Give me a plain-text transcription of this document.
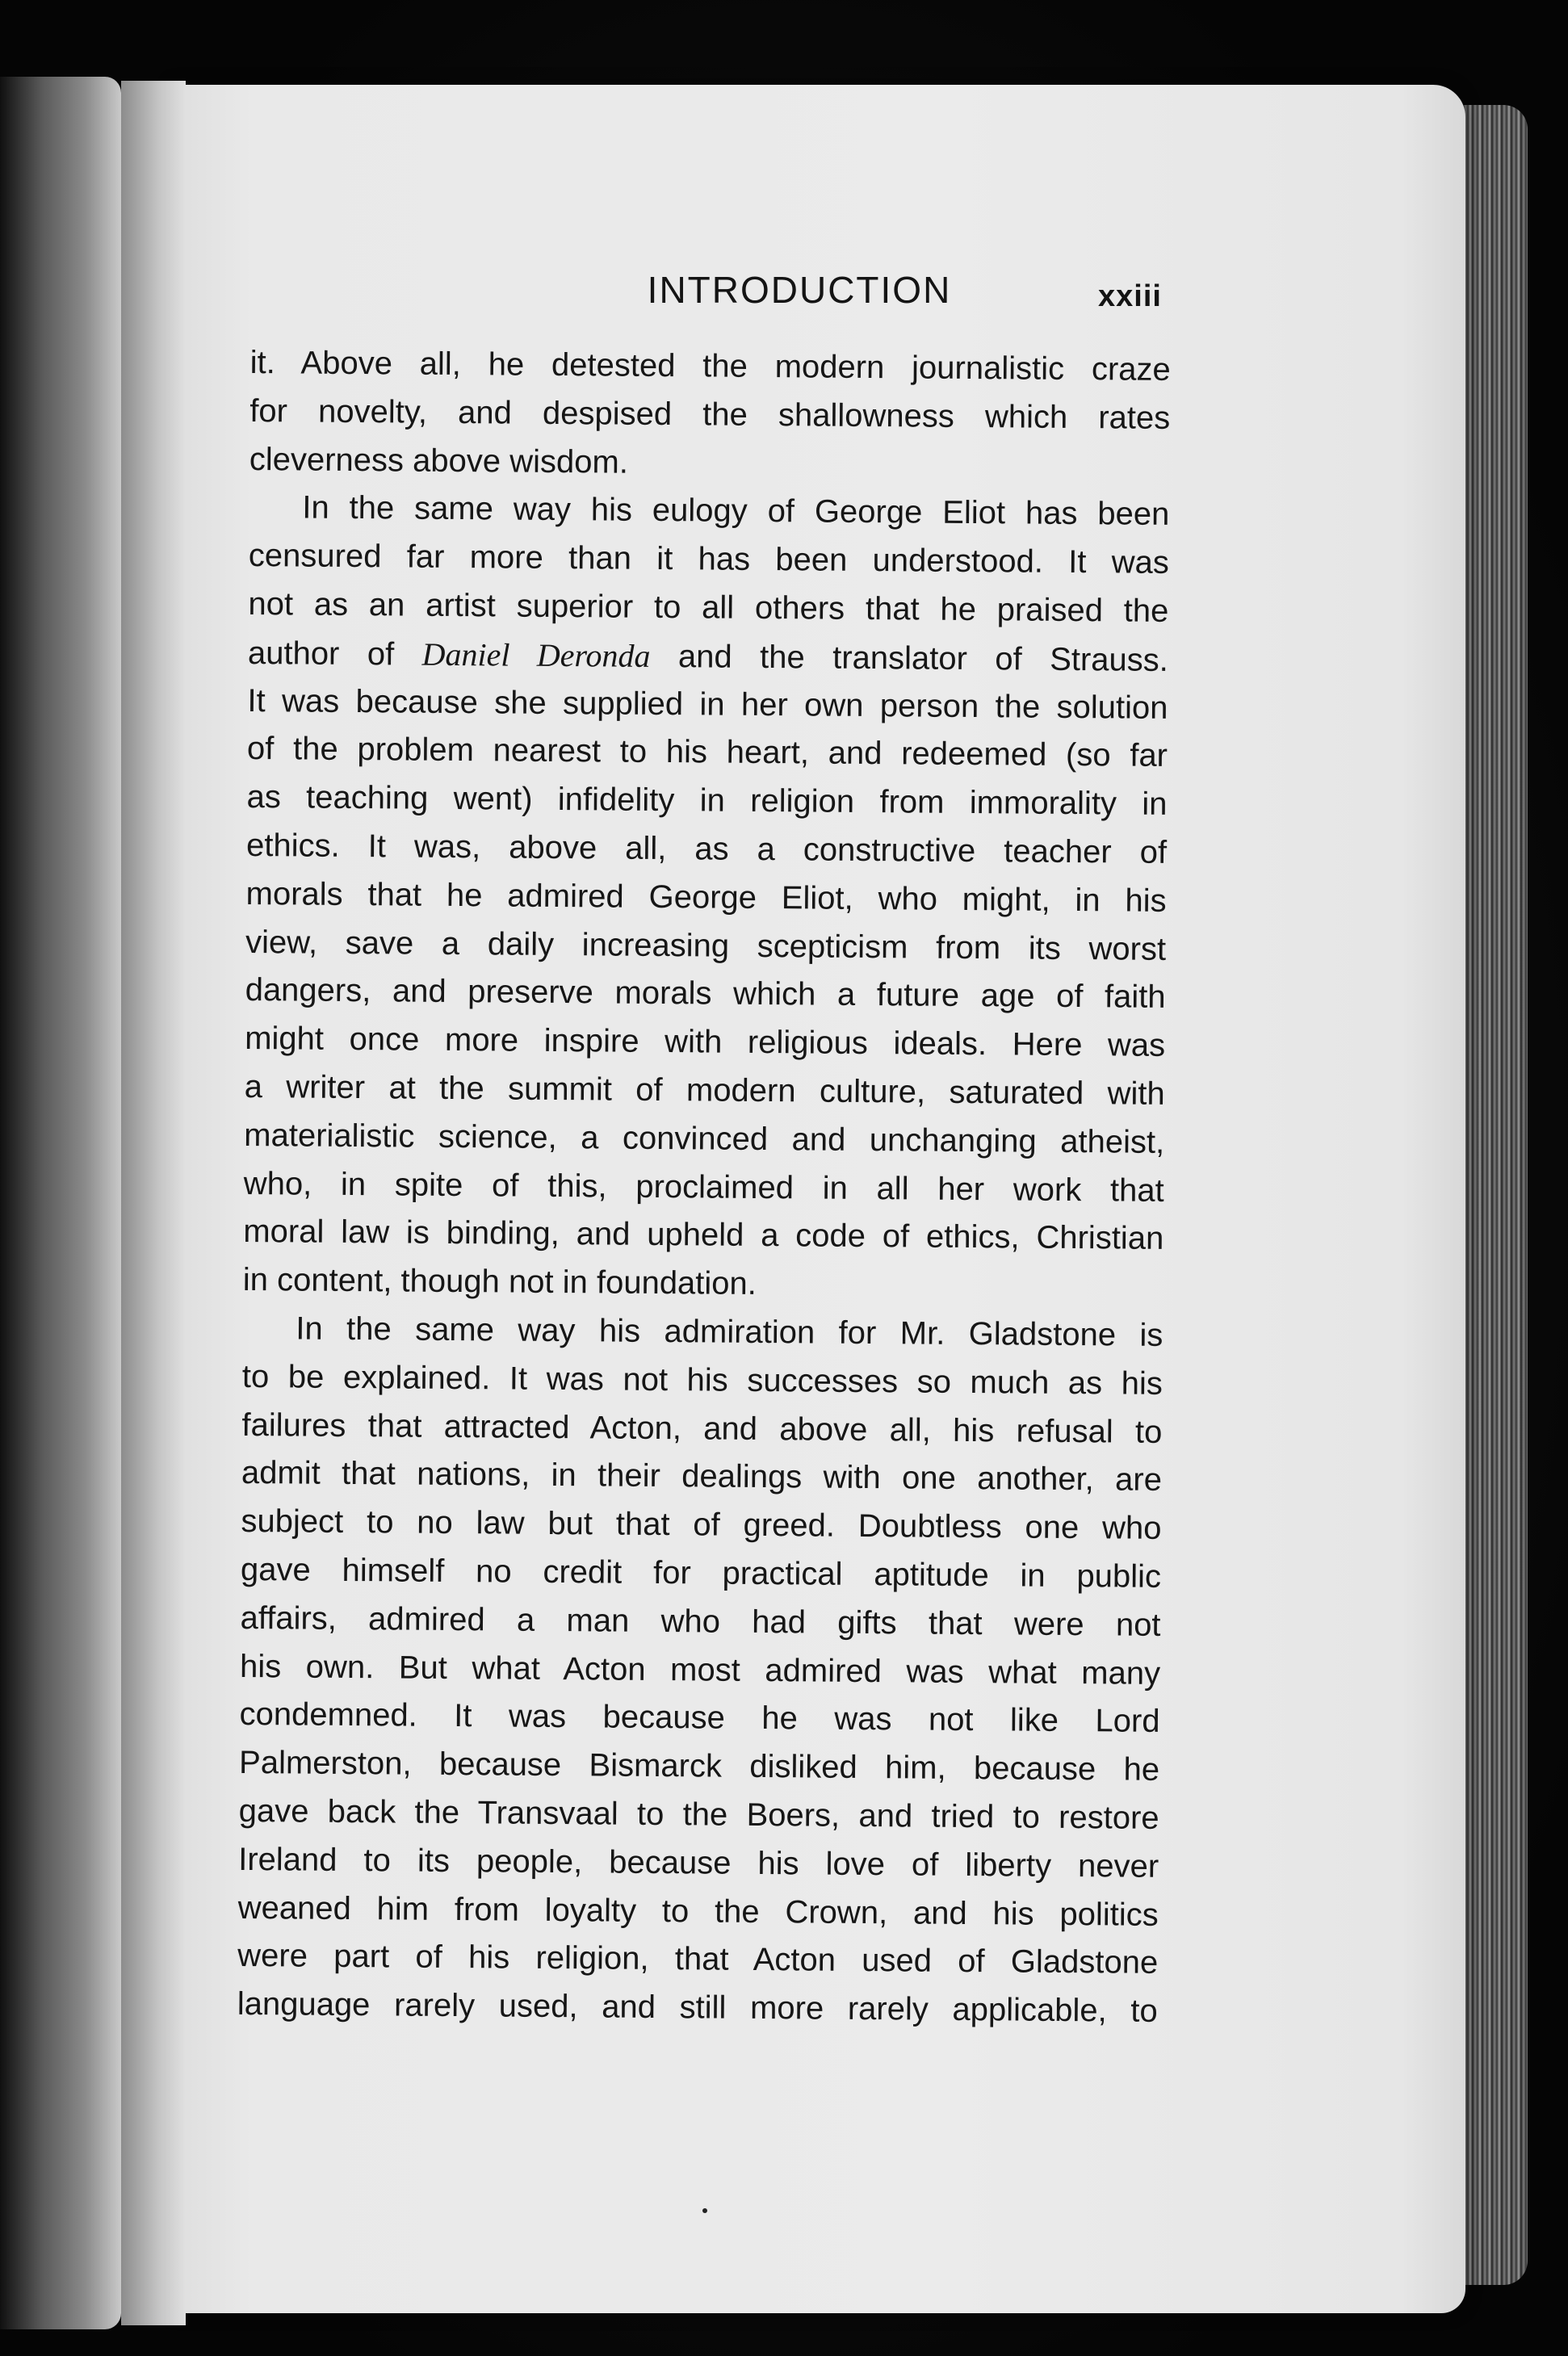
INTRODUCTION	xxiii
it. Above all, he detested the modern journalistic craze
for novelty, and despised the shallowness which rates
cleverness above wisdom.
In the same way his eulogy of George Eliot has been
censured far more than it has been understood. It was
not as an artist superior to all others that he praised the
author of Daniel Deronda and the translator of Strauss.
It was because she supplied in her own person the solution
of the problem nearest to his heart, and redeemed (so far
as teaching went) infidelity in religion from immorality in
ethics. It was, above all, as a constructive teacher of
morals that he admired George Eliot, who might, in his
view, save a daily increasing scepticism from its worst
dangers, and preserve morals which a future age of faith
might once more inspire with religious ideals. Here was
a writer at the summit of modern culture, saturated with
materialistic science, a convinced and unchanging atheist,
who, in spite of this, proclaimed in all her work that
moral law is binding, and upheld a code of ethics, Christian
in content, though not in foundation.
In the same way his admiration for Mr. Gladstone is
to be explained. It was not his successes so much as his
failures that attracted Acton, and above all, his refusal to
admit that nations, in their dealings with one another, are
subject to no law but that of greed. Doubtless one who
gave himself no credit for practical aptitude in public
affairs, admired a man who had gifts that were not
his own. But what Acton most admired was what many
condemned. It was because he was not like Lord
Palmerston, because Bismarck disliked him, because he
gave back the Transvaal to the Boers, and tried to restore
Ireland to its people, because his love of liberty never
weaned him from loyalty to the Crown, and his politics
were part of his religion, that Acton used of Gladstone
language rarely used, and still more rarely applicable, to
